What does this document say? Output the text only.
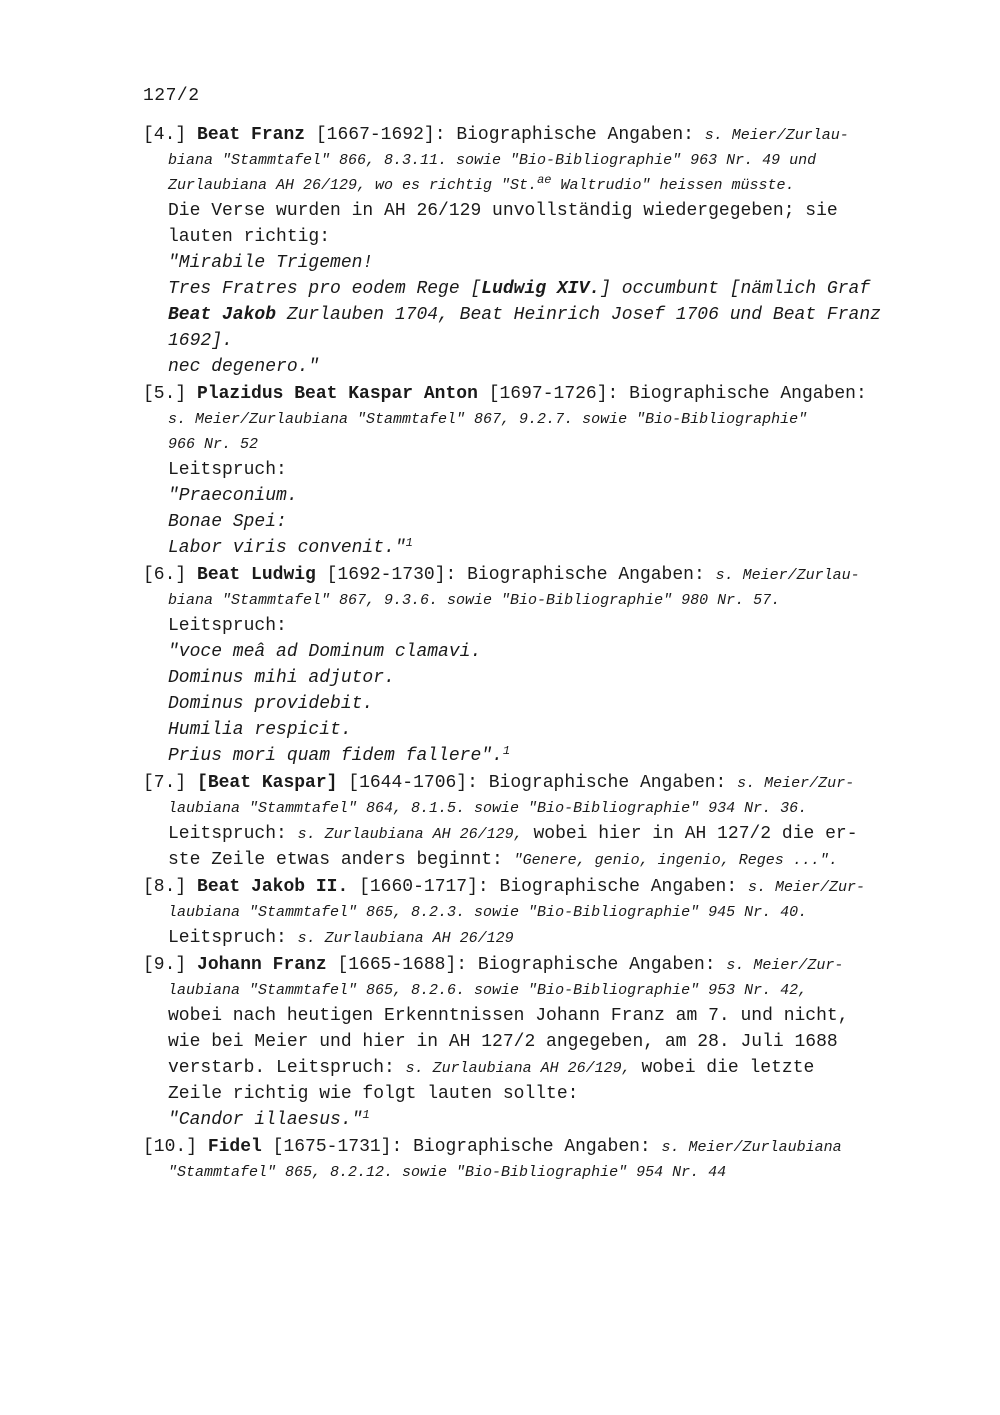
127/2
[4.] Beat Franz [1667-1692]: Biographische Angaben: s. Meier/Zurlau-
biana "Stammtafel" 866, 8.3.11. sowie "Bio-Bibliographie" 963 Nr. 49 und
Zurlaubiana AH 26/129, wo es richtig "St.$^{ae}$ Waltrudio" heissen müsste.
Die Verse wurden in AH 26/129 unvollständig wiedergegeben; sie
lauten richtig:
"Mirabile Trigemen!
Tres Fratres pro eodem Rege [Ludwig XIV.] occumbunt [nämlich Graf
Beat Jakob Zurlauben 1704, Beat Heinrich Josef 1706 und Beat Franz
1692].
nec degenero."
[5.] Plazidus Beat Kaspar Anton [1697-1726]: Biographische Angaben:
s. Meier/Zurlaubiana "Stammtafel" 867, 9.2.7. sowie "Bio-Bibliographie"
966 Nr. 52
Leitspruch:
"Praeconium.
Bonae Spei:
Labor viris convenit."$^1$
[6.] Beat Ludwig [1692-1730]: Biographische Angaben: s. Meier/Zurlau-
biana "Stammtafel" 867, 9.3.6. sowie "Bio-Bibliographie" 980 Nr. 57.
Leitspruch:
"voce meâ ad Dominum clamavi.
Dominus mihi adjutor.
Dominus providebit.
Humilia respicit.
Prius mori quam fidem fallere".$^1$
[7.] [Beat Kaspar] [1644-1706]: Biographische Angaben: s. Meier/Zur-
laubiana "Stammtafel" 864, 8.1.5. sowie "Bio-Bibliographie" 934 Nr. 36.
Leitspruch: s. Zurlaubiana AH 26/129, wobei hier in AH 127/2 die er-
ste Zeile etwas anders beginnt: "Genere, genio, ingenio, Reges ...".
[8.] Beat Jakob II. [1660-1717]: Biographische Angaben: s. Meier/Zur-
laubiana "Stammtafel" 865, 8.2.3. sowie "Bio-Bibliographie" 945 Nr. 40.
Leitspruch: s. Zurlaubiana AH 26/129
[9.] Johann Franz [1665-1688]: Biographische Angaben: s. Meier/Zur-
laubiana "Stammtafel" 865, 8.2.6. sowie "Bio-Bibliographie" 953 Nr. 42,
wobei nach heutigen Erkenntnissen Johann Franz am 7. und nicht,
wie bei Meier und hier in AH 127/2 angegeben, am 28. Juli 1688
verstarb. Leitspruch: s. Zurlaubiana AH 26/129, wobei die letzte
Zeile richtig wie folgt lauten sollte:
"Candor illaesus."$^1$
[10.] Fidel [1675-1731]: Biographische Angaben: s. Meier/Zurlaubiana
"Stammtafel" 865, 8.2.12. sowie "Bio-Bibliographie" 954 Nr. 44
